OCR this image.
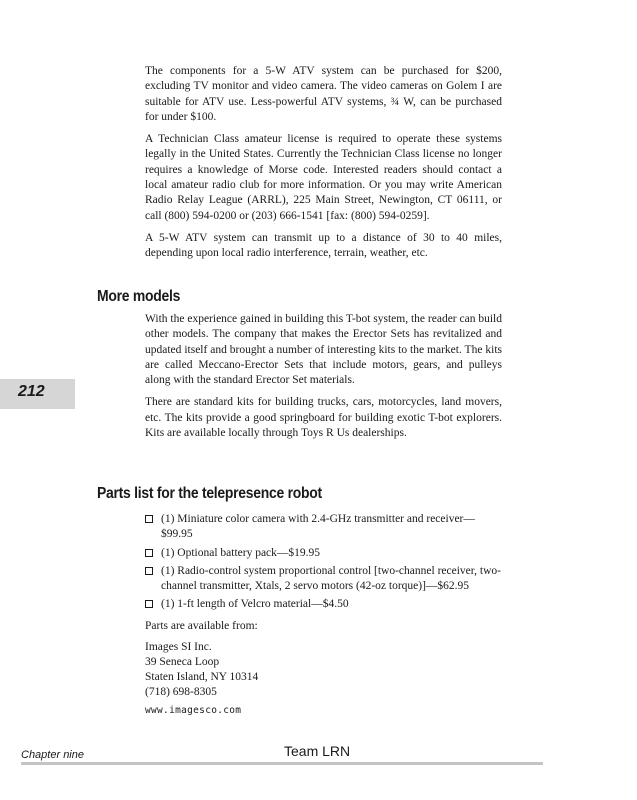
The components for a 5-W ATV system can be purchased for $200, excluding TV monitor and video camera. The video cameras on Golem I are suitable for ATV use. Less-powerful ATV systems, ¾ W, can be purchased for under $100.

A Technician Class amateur license is required to operate these systems legally in the United States. Currently the Technician Class license no longer requires a knowledge of Morse code. Interested readers should contact a local amateur radio club for more information. Or you may write American Radio Relay League (ARRL), 225 Main Street, Newington, CT 06111, or call (800) 594-0200 or (203) 666-1541 [fax: (800) 594-0259].

A 5-W ATV system can transmit up to a distance of 30 to 40 miles, depending upon local radio interference, terrain, weather, etc.

More models

With the experience gained in building this T-bot system, the reader can build other models. The company that makes the Erector Sets has revitalized and updated itself and brought a number of interesting kits to the market. The kits are called Meccano-Erector Sets that include motors, gears, and pulleys along with the standard Erector Set materials.

There are standard kits for building trucks, cars, motorcycles, land movers, etc. The kits provide a good springboard for building exotic T-bot explorers. Kits are available locally through Toys R Us dealerships.

212
Parts list for the telepresence robot
(1) Miniature color camera with 2.4-GHz transmitter and receiver—$99.95
(1) Optional battery pack—$19.95
(1) Radio-control system proportional control [two-channel receiver, two-channel transmitter, Xtals, 2 servo motors (42-oz torque)]—$62.95
(1) 1-ft length of Velcro material—$4.50

Parts are available from:

Images SI Inc.
39 Seneca Loop
Staten Island, NY 10314
(718) 698-8305
www.imagesco.com
Chapter nine	Team LRN
